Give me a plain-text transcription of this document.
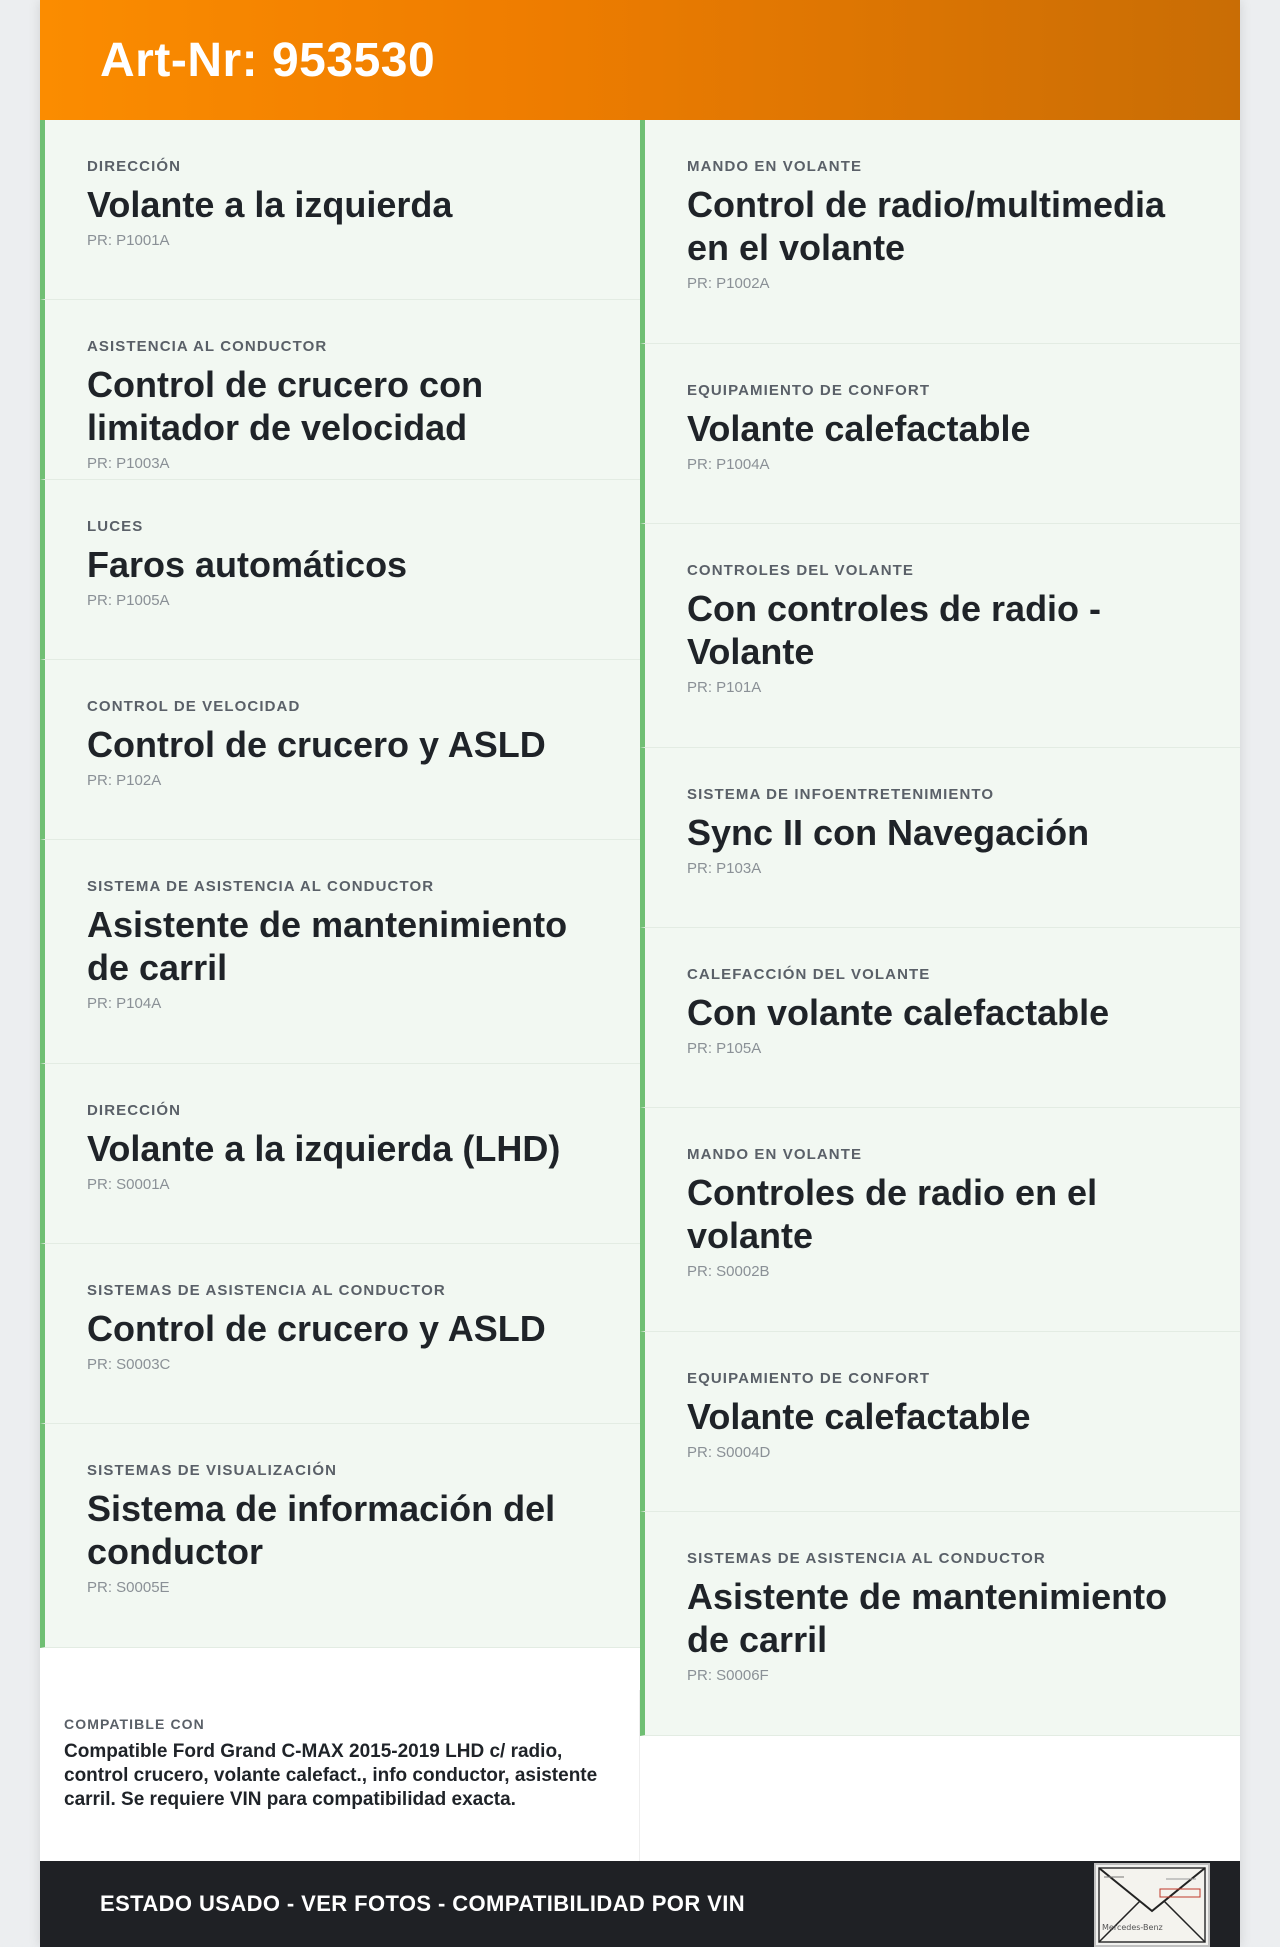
Art-Nr: 953530
DIRECCIÓN
Volante a la izquierda
PR: P1001A
ASISTENCIA AL CONDUCTOR
Control de crucero con limitador de velocidad
PR: P1003A
LUCES
Faros automáticos
PR: P1005A
CONTROL DE VELOCIDAD
Control de crucero y ASLD
PR: P102A
SISTEMA DE ASISTENCIA AL CONDUCTOR
Asistente de mantenimiento de carril
PR: P104A
DIRECCIÓN
Volante a la izquierda (LHD)
PR: S0001A
SISTEMAS DE ASISTENCIA AL CONDUCTOR
Control de crucero y ASLD
PR: S0003C
SISTEMAS DE VISUALIZACIÓN
Sistema de información del conductor
PR: S0005E
MANDO EN VOLANTE
Control de radio/multimedia en el volante
PR: P1002A
EQUIPAMIENTO DE CONFORT
Volante calefactable
PR: P1004A
CONTROLES DEL VOLANTE
Con controles de radio - Volante
PR: P101A
SISTEMA DE INFOENTRETENIMIENTO
Sync II con Navegación
PR: P103A
CALEFACCIÓN DEL VOLANTE
Con volante calefactable
PR: P105A
MANDO EN VOLANTE
Controles de radio en el volante
PR: S0002B
EQUIPAMIENTO DE CONFORT
Volante calefactable
PR: S0004D
SISTEMAS DE ASISTENCIA AL CONDUCTOR
Asistente de mantenimiento de carril
PR: S0006F
COMPATIBLE CON
Compatible Ford Grand C-MAX 2015-2019 LHD c/ radio, control crucero, volante calefact., info conductor, asistente carril. Se requiere VIN para compatibilidad exacta.
ESTADO USADO - VER FOTOS - COMPATIBILIDAD POR VIN
Mercedes-Benz
